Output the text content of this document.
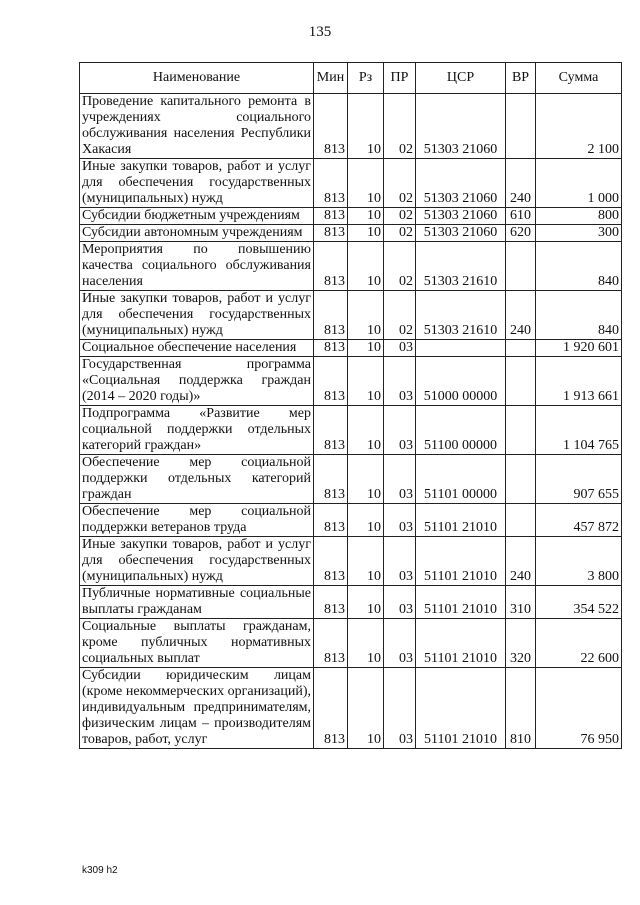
135
Наименование	Мин	Рз	ПР	ЦСР	ВР	Сумма
Проведение капитального ремонта в учреждениях социального обслуживания населения Республики Хакасия	813	10	02	51303 21060		2 100
Иные закупки товаров, работ и услуг для обеспечения государственных (муниципальных) нужд	813	10	02	51303 21060	240	1 000
Субсидии бюджетным учреждениям	813	10	02	51303 21060	610	800
Субсидии автономным учреждениям	813	10	02	51303 21060	620	300
Мероприятия по повышению качества социального обслуживания населения	813	10	02	51303 21610		840
Иные закупки товаров, работ и услуг для обеспечения государственных (муниципальных) нужд	813	10	02	51303 21610	240	840
Социальное обеспечение населения	813	10	03			1 920 601
Государственная программа «Социальная поддержка граждан (2014 – 2020 годы)»	813	10	03	51000 00000		1 913 661
Подпрограмма «Развитие мер социальной поддержки отдельных категорий граждан»	813	10	03	51100 00000		1 104 765
Обеспечение мер социальной поддержки отдельных категорий граждан	813	10	03	51101 00000		907 655
Обеспечение мер социальной поддержки ветеранов труда	813	10	03	51101 21010		457 872
Иные закупки товаров, работ и услуг для обеспечения государственных (муниципальных) нужд	813	10	03	51101 21010	240	3 800
Публичные нормативные социальные выплаты гражданам	813	10	03	51101 21010	310	354 522
Социальные выплаты гражданам, кроме публичных нормативных социальных выплат	813	10	03	51101 21010	320	22 600
Субсидии юридическим лицам (кроме некоммерческих организаций), индивидуальным предпринимателям, физическим лицам – производителям товаров, работ, услуг	813	10	03	51101 21010	810	76 950
k309 h2
